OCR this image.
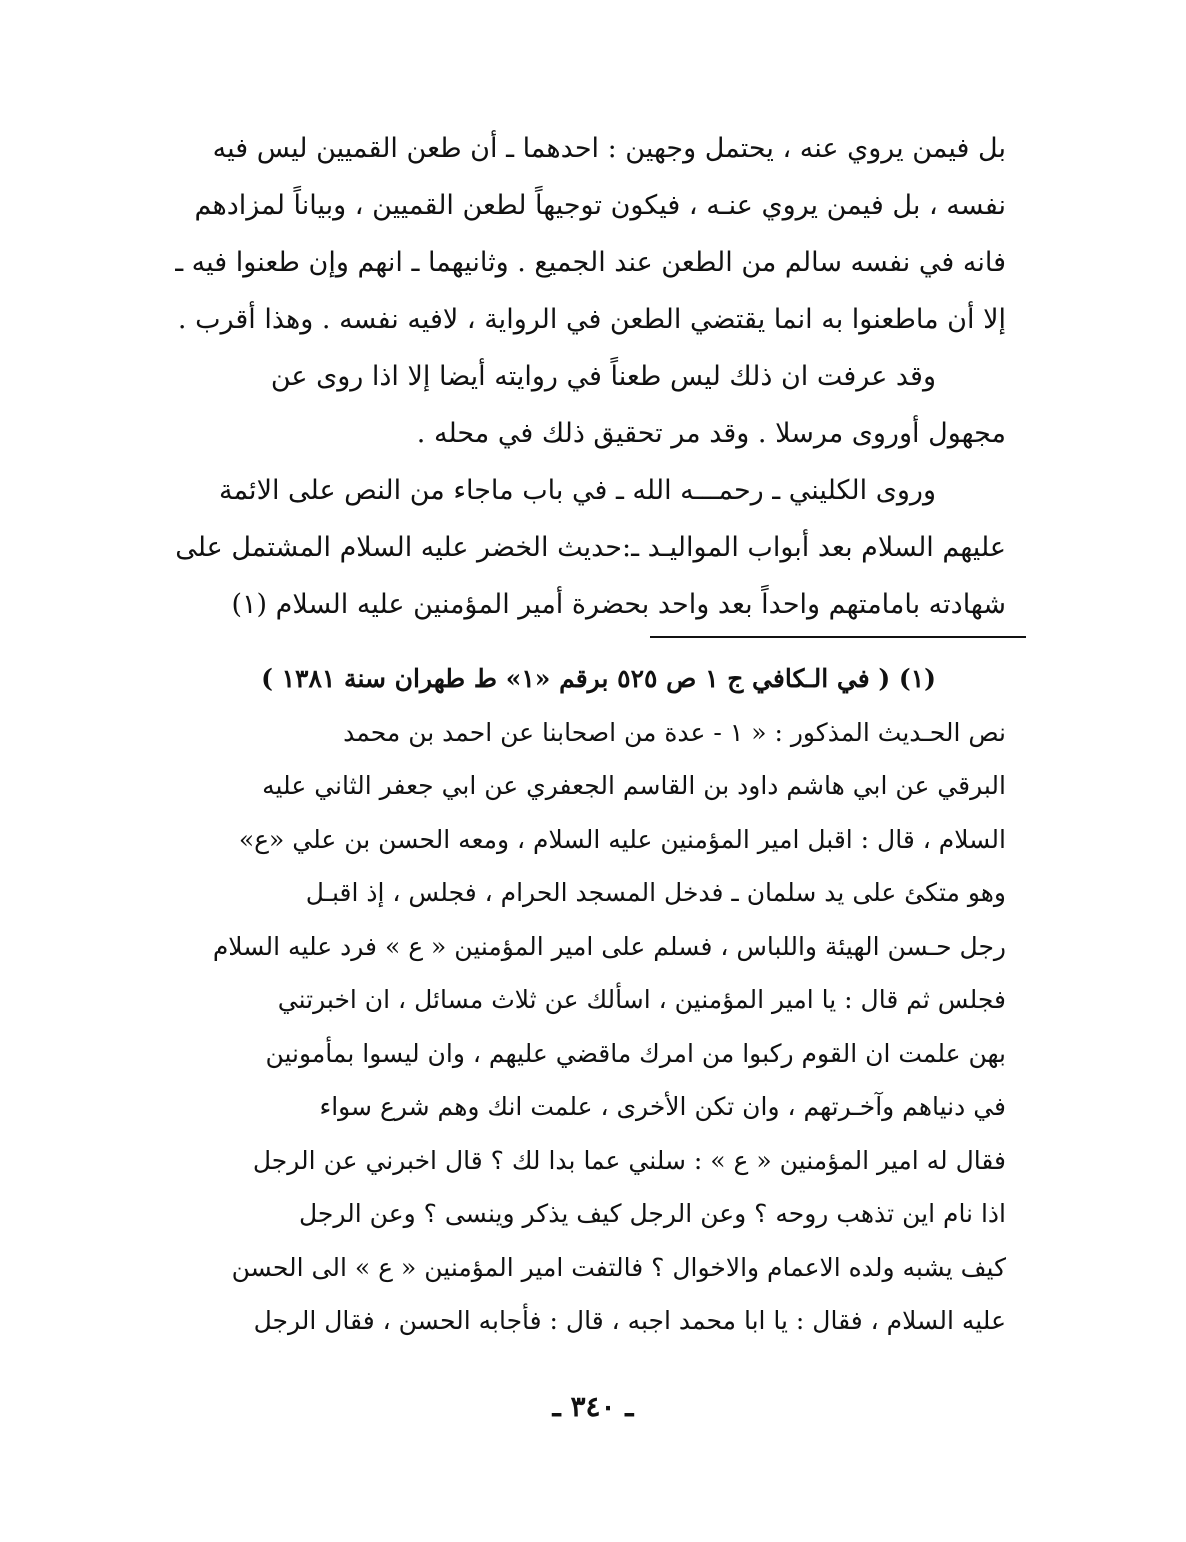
بل فيمن يروي عنه ، يحتمل وجهين : احدهما ـ أن طعن القميين ليس فيه
نفسه ، بل فيمن يروي عنـه ، فيكون توجيهاً لطعن القميين ، وبياناً لمزادهم
فانه في نفسه سالم من الطعن عند الجميع . وثانيهما ـ انهم وإن طعنوا فيه ـ
إلا أن ماطعنوا به انما يقتضي الطعن في الرواية ، لافيه نفسه . وهذا أقرب .
وقد عرفت ان ذلك ليس طعناً في روايته أيضا إلا اذا روى عن
مجهول أوروى مرسلا . وقد مر تحقيق ذلك في محله .
وروى الكليني ـ رحمـــه الله ـ في باب ماجاء من النص على الائمة
عليهم السلام بعد أبواب المواليـد ـ:حديث الخضر عليه السلام المشتمل على
شهادته بامامتهم واحداً بعد واحد بحضرة أمير المؤمنين عليه السلام (١)
(١) ( في الـكافي ج ١ ص ٥٢٥ برقم «١» ط طهران سنة ١٣٨١ )
نص الحـديث المذكور : « ١ - عدة من اصحابنا عن احمد بن محمد
البرقي عن ابي هاشم داود بن القاسم الجعفري عن ابي جعفر الثاني عليه
السلام ، قال : اقبل امير المؤمنين عليه السلام ، ومعه الحسن بن علي «ع»
وهو متكئ على يد سلمان ـ فدخل المسجد الحرام ، فجلس ، إذ اقبـل
رجل حـسن الهيئة واللباس ، فسلم على امير المؤمنين « ع » فرد عليه السلام
فجلس ثم قال : يا امير المؤمنين ، اسألك عن ثلاث مسائل ، ان اخبرتني
بهن علمت ان القوم ركبوا من امرك ماقضي عليهم ، وان ليسوا بمأمونين
في دنياهم وآخـرتهم ، وان تكن الأخرى ، علمت انك وهم شرع سواء
فقال له امير المؤمنين « ع » : سلني عما بدا لك ؟ قال اخبرني عن الرجل
اذا نام اين تذهب روحه ؟ وعن الرجل كيف يذكر وينسى ؟ وعن الرجل
كيف يشبه ولده الاعمام والاخوال ؟ فالتفت امير المؤمنين « ع » الى الحسن
عليه السلام ، فقال : يا ابا محمد اجبه ، قال : فأجابه الحسن ، فقال الرجل
ـ ٣٤٠ ـ
